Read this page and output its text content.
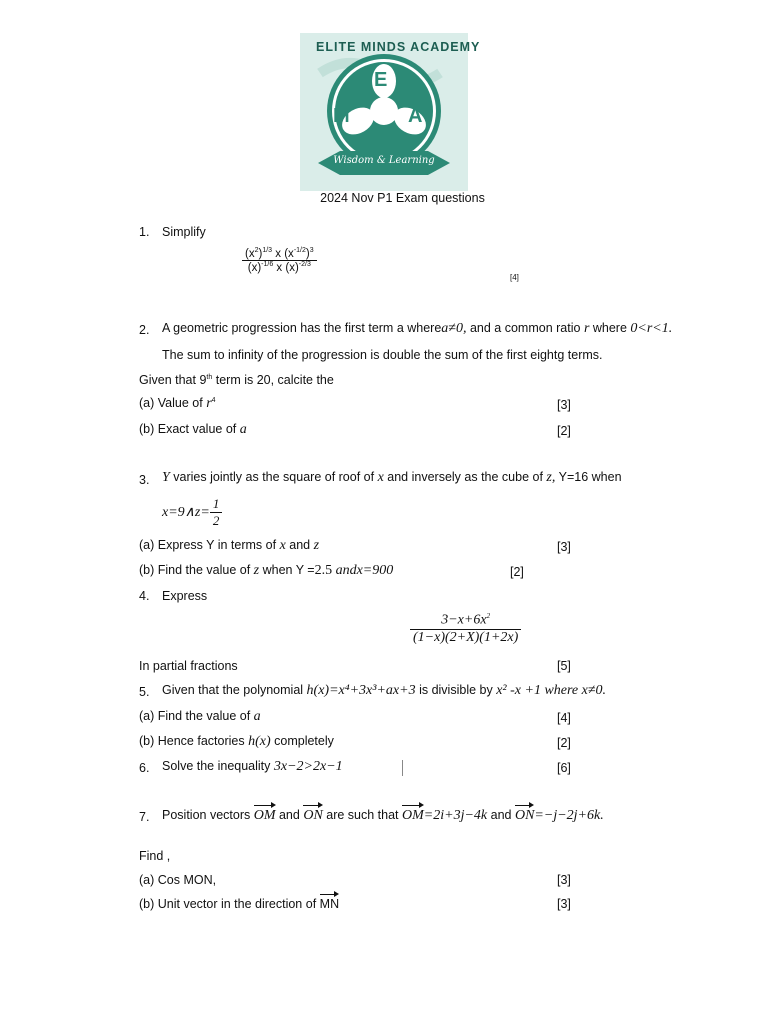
ELITE MINDS ACADEMY
E
M	A
Wisdom & Learning
2024 Nov P1 Exam questions
1. Simplify
$\frac{(x^2)^{1/3} x (x^{-1/2})^3}{(x)^{-1/6} x (x)^{-2/3}}$
[4]
2. A geometric progression has the first term a wherea≠0, and a common ratio r where 0<r<1.
The sum to infinity of the progression is double the sum of the first eightg terms.
Given that 9th term is 20, calcite the
(a) Value of $r^4$	[3]
(b) Exact value of a	[2]
3. Y varies jointly as the square of roof of x and inversely as the cube of z, Y=16 when
x=9∧z= $\frac{1}{2}$
(a) Express Y in terms of x and z	[3]
(b) Find the value of z when Y =2.5 andx=900	[2]
4. Express
$\frac{3-x+6x^2}{(1-x)(2+X)(1+2x)}$
In partial fractions	[5]
5. Given that the polynomial h(x)=x⁴+3x³+ax+3 is divisible by x² -x +1 where x≠0.
(a) Find the value of a	[4]
(b) Hence factories h(x) completely	[2]
6. Solve the inequality 3x−2>2x−1	[6]
7. Position vectors OM and ON are such that OM=2i+3j−4k and ON=−j−2j+6k.
Find ,
(a) Cos MON,	[3]
(b) Unit vector in the direction of MN	[3]
